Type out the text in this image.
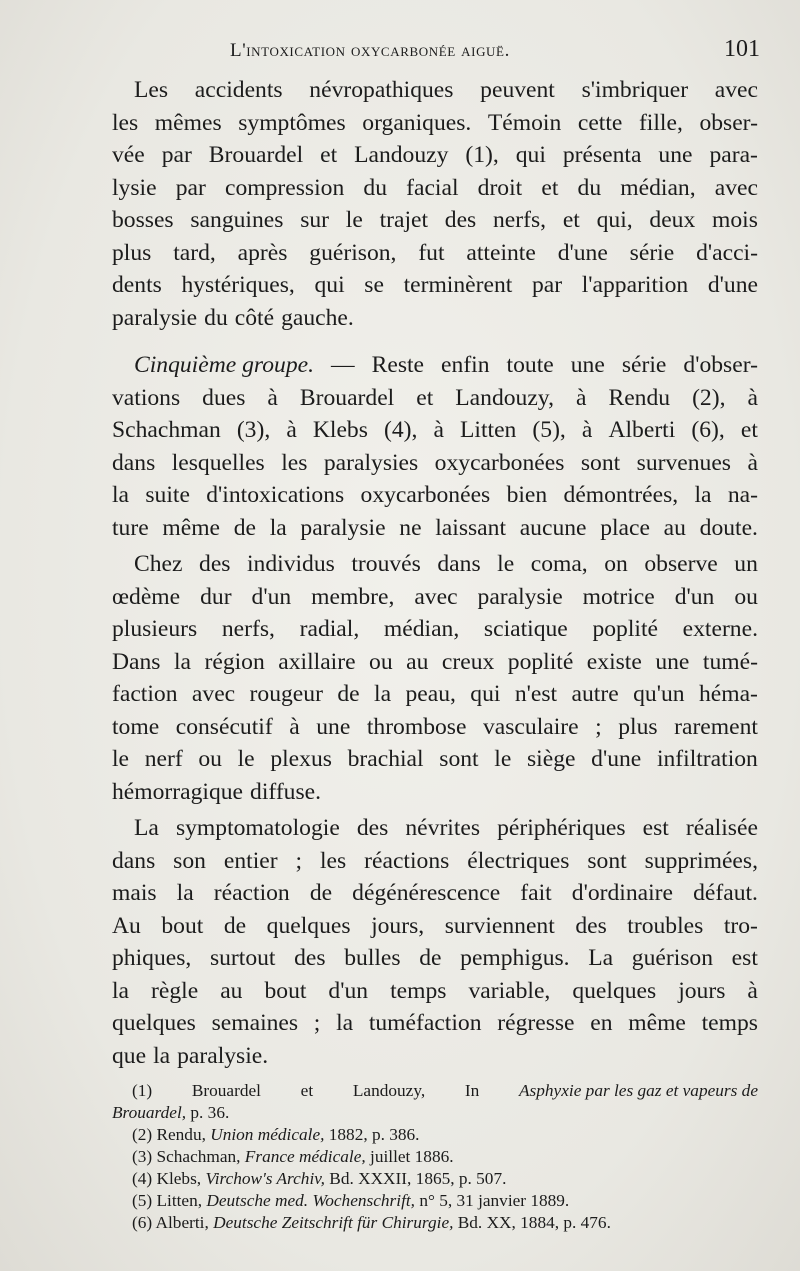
L'intoxication oxycarbonée aiguë.	101
Les accidents névropathiques peuvent s'imbriquer avec
les mêmes symptômes organiques. Témoin cette fille, obser-
vée par Brouardel et Landouzy (1), qui présenta une para-
lysie par compression du facial droit et du médian, avec
bosses sanguines sur le trajet des nerfs, et qui, deux mois
plus tard, après guérison, fut atteinte d'une série d'acci-
dents hystériques, qui se terminèrent par l'apparition d'une
paralysie du côté gauche.
Cinquième groupe. — Reste enfin toute une série d'obser-
vations dues à Brouardel et Landouzy, à Rendu (2), à
Schachman (3), à Klebs (4), à Litten (5), à Alberti (6), et
dans lesquelles les paralysies oxycarbonées sont survenues à
la suite d'intoxications oxycarbonées bien démontrées, la na-
ture même de la paralysie ne laissant aucune place au doute.
Chez des individus trouvés dans le coma, on observe un
œdème dur d'un membre, avec paralysie motrice d'un ou
plusieurs nerfs, radial, médian, sciatique poplité externe.
Dans la région axillaire ou au creux poplité existe une tumé-
faction avec rougeur de la peau, qui n'est autre qu'un héma-
tome consécutif à une thrombose vasculaire ; plus rarement
le nerf ou le plexus brachial sont le siège d'une infiltration
hémorragique diffuse.
La symptomatologie des névrites périphériques est réalisée
dans son entier ; les réactions électriques sont supprimées,
mais la réaction de dégénérescence fait d'ordinaire défaut.
Au bout de quelques jours, surviennent des troubles tro-
phiques, surtout des bulles de pemphigus. La guérison est
la règle au bout d'un temps variable, quelques jours à
quelques semaines ; la tuméfaction régresse en même temps
que la paralysie.
(1) Brouardel et Landouzy, In Asphyxie par les gaz et vapeurs de
Brouardel, p. 36.
(2) Rendu, Union médicale, 1882, p. 386.
(3) Schachman, France médicale, juillet 1886.
(4) Klebs, Virchow's Archiv, Bd. XXXII, 1865, p. 507.
(5) Litten, Deutsche med. Wochenschrift, n° 5, 31 janvier 1889.
(6) Alberti, Deutsche Zeitschrift für Chirurgie, Bd. XX, 1884, p. 476.
